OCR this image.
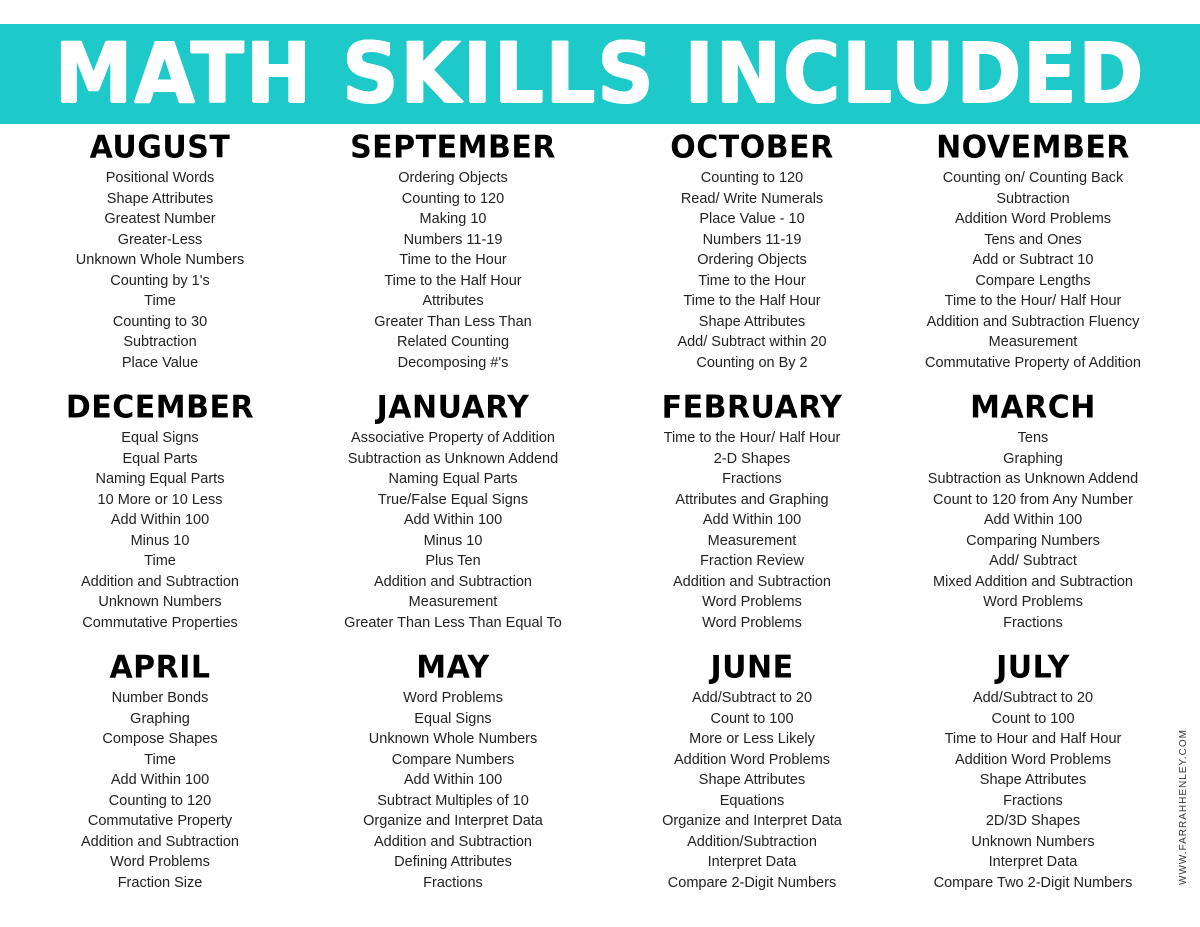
MATH SKILLS INCLUDED
AUGUST
Positional Words
Shape Attributes
Greatest Number
Greater-Less
Unknown Whole Numbers
Counting by 1's
Time
Counting to 30
Subtraction
Place Value
SEPTEMBER
Ordering Objects
Counting to 120
Making 10
Numbers 11-19
Time to the Hour
Time to the Half Hour
Attributes
Greater Than Less Than
Related Counting
Decomposing #'s
OCTOBER
Counting to 120
Read/ Write Numerals
Place Value - 10
Numbers 11-19
Ordering Objects
Time to the Hour
Time to the Half Hour
Shape Attributes
Add/ Subtract within 20
Counting on By 2
NOVEMBER
Counting on/ Counting Back
Subtraction
Addition Word Problems
Tens and Ones
Add or Subtract 10
Compare Lengths
Time to the Hour/ Half Hour
Addition and Subtraction Fluency
Measurement
Commutative Property of Addition
DECEMBER
Equal Signs
Equal Parts
Naming Equal Parts
10 More or 10 Less
Add Within 100
Minus 10
Time
Addition and Subtraction
Unknown Numbers
Commutative Properties
JANUARY
Associative Property of Addition
Subtraction as Unknown Addend
Naming Equal Parts
True/False Equal Signs
Add Within 100
Minus 10
Plus Ten
Addition and Subtraction
Measurement
Greater Than Less Than Equal To
FEBRUARY
Time to the Hour/ Half Hour
2-D Shapes
Fractions
Attributes and Graphing
Add Within 100
Measurement
Fraction Review
Addition and Subtraction
Word Problems
Word Problems
MARCH
Tens
Graphing
Subtraction as Unknown Addend
Count to 120 from Any Number
Add Within 100
Comparing Numbers
Add/ Subtract
Mixed Addition and Subtraction
Word Problems
Fractions
APRIL
Number Bonds
Graphing
Compose Shapes
Time
Add Within 100
Counting to 120
Commutative Property
Addition and Subtraction
Word Problems
Fraction Size
MAY
Word Problems
Equal Signs
Unknown Whole Numbers
Compare Numbers
Add Within 100
Subtract Multiples of 10
Organize and Interpret Data
Addition and Subtraction
Defining Attributes
Fractions
JUNE
Add/Subtract to 20
Count to 100
More or Less Likely
Addition Word Problems
Shape Attributes
Equations
Organize and Interpret Data
Addition/Subtraction
Interpret Data
Compare 2-Digit Numbers
JULY
Add/Subtract to 20
Count to 100
Time to Hour and Half Hour
Addition Word Problems
Shape Attributes
Fractions
2D/3D Shapes
Unknown Numbers
Interpret Data
Compare Two 2-Digit Numbers	WWW.FARRAHHENLEY.COM
